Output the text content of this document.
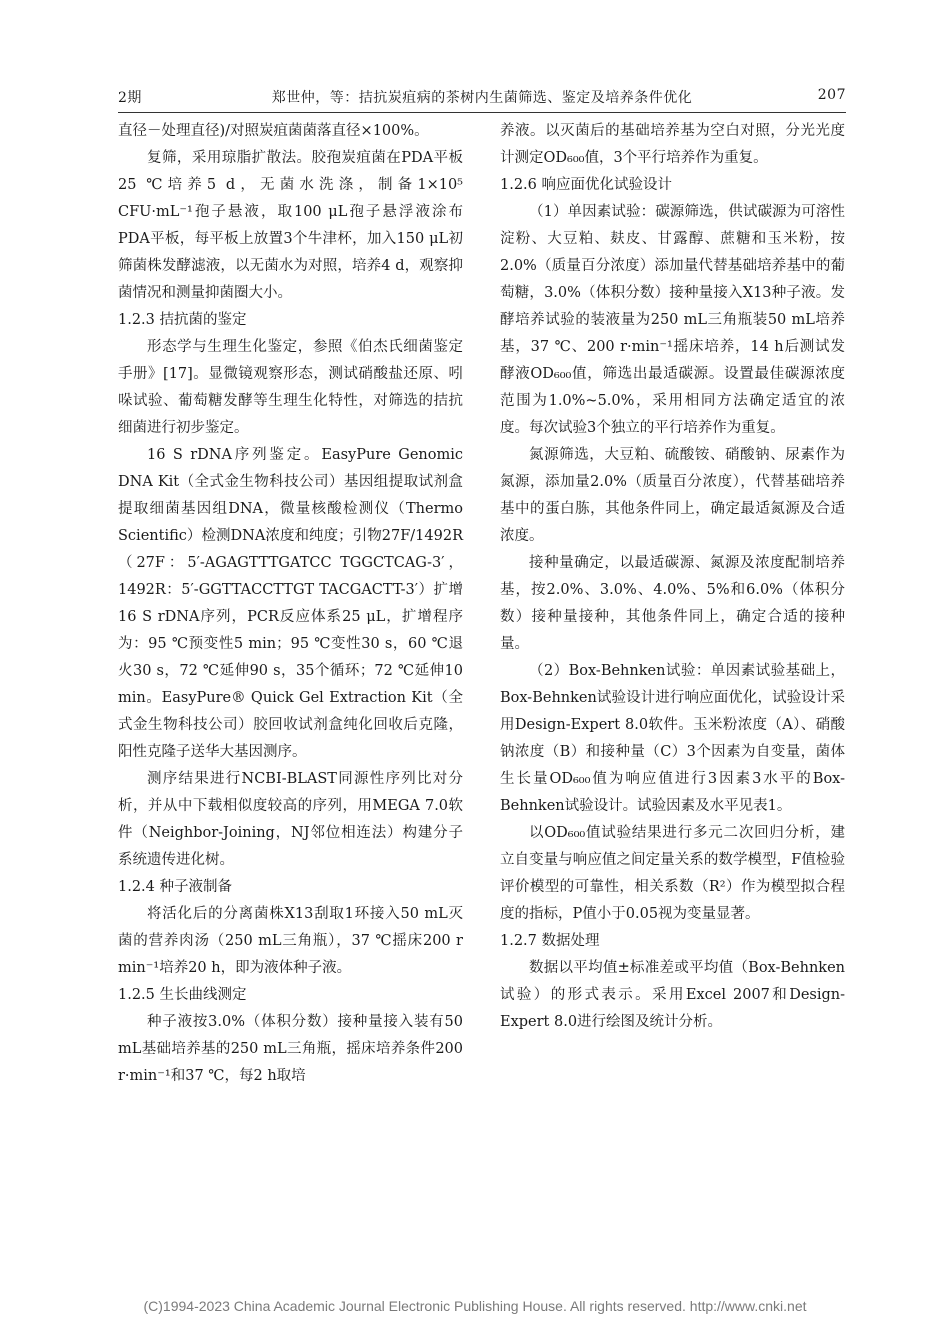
2期	郑世仲，等：拮抗炭疽病的茶树内生菌筛选、鉴定及培养条件优化	207

直径－处理直径)/对照炭疽菌菌落直径×100%。

复筛，采用琼脂扩散法。胶孢炭疽菌在PDA平板25 ℃培养5 d，无菌水洗涤，制备1×10⁵ CFU·mL⁻¹孢子悬液，取100 μL孢子悬浮液涂布PDA平板，每平板上放置3个牛津杯，加入150 μL初筛菌株发酵滤液，以无菌水为对照，培养4 d，观察抑菌情况和测量抑菌圈大小。

1.2.3 拮抗菌的鉴定

形态学与生理生化鉴定，参照《伯杰氏细菌鉴定手册》[17]。显微镜观察形态，测试硝酸盐还原、吲哚试验、葡萄糖发酵等生理生化特性，对筛选的拮抗细菌进行初步鉴定。

16 S rDNA序列鉴定。EasyPure Genomic DNA Kit（全式金生物科技公司）基因组提取试剂盒提取细菌基因组DNA，微量核酸检测仪（Thermo Scientific）检测DNA浓度和纯度；引物27F/1492R（27F：5′-AGAGTTTGATCC TGGCTCAG-3′，1492R：5′-GGTTACCTTGT TACGACTT-3′）扩增16 S rDNA序列，PCR反应体系25 μL，扩增程序为：95 ℃预变性5 min；95 ℃变性30 s，60 ℃退火30 s，72 ℃延伸90 s，35个循环；72 ℃延伸10 min。EasyPure® Quick Gel Extraction Kit（全式金生物科技公司）胶回收试剂盒纯化回收后克隆，阳性克隆子送华大基因测序。

测序结果进行NCBI-BLAST同源性序列比对分析，并从中下载相似度较高的序列，用MEGA 7.0软件（Neighbor-Joining，NJ邻位相连法）构建分子系统遗传进化树。

1.2.4 种子液制备

将活化后的分离菌株X13刮取1环接入50 mL灭菌的营养肉汤（250 mL三角瓶），37 ℃摇床200 r min⁻¹培养20 h，即为液体种子液。

1.2.5 生长曲线测定

种子液按3.0%（体积分数）接种量接入装有50 mL基础培养基的250 mL三角瓶，摇床培养条件200 r·min⁻¹和37 ℃，每2 h取培

养液。以灭菌后的基础培养基为空白对照，分光光度计测定OD₆₀₀值，3个平行培养作为重复。

1.2.6 响应面优化试验设计

（1）单因素试验：碳源筛选，供试碳源为可溶性淀粉、大豆粕、麸皮、甘露醇、蔗糖和玉米粉，按2.0%（质量百分浓度）添加量代替基础培养基中的葡萄糖，3.0%（体积分数）接种量接入X13种子液。发酵培养试验的装液量为250 mL三角瓶装50 mL培养基，37 ℃、200 r·min⁻¹摇床培养，14 h后测试发酵液OD₆₀₀值，筛选出最适碳源。设置最佳碳源浓度范围为1.0%~5.0%，采用相同方法确定适宜的浓度。每次试验3个独立的平行培养作为重复。

氮源筛选，大豆粕、硫酸铵、硝酸钠、尿素作为氮源，添加量2.0%（质量百分浓度），代替基础培养基中的蛋白胨，其他条件同上，确定最适氮源及合适浓度。

接种量确定，以最适碳源、氮源及浓度配制培养基，按2.0%、3.0%、4.0%、5%和6.0%（体积分数）接种量接种，其他条件同上，确定合适的接种量。

（2）Box-Behnken试验：单因素试验基础上，Box-Behnken试验设计进行响应面优化，试验设计采用Design-Expert 8.0软件。玉米粉浓度（A）、硝酸钠浓度（B）和接种量（C）3个因素为自变量，菌体生长量OD₆₀₀值为响应值进行3因素3水平的Box-Behnken试验设计。试验因素及水平见表1。

以OD₆₀₀值试验结果进行多元二次回归分析，建立自变量与响应值之间定量关系的数学模型，F值检验评价模型的可靠性，相关系数（R²）作为模型拟合程度的指标，P值小于0.05视为变量显著。

1.2.7 数据处理

数据以平均值±标准差或平均值（Box-Behnken试验）的形式表示。采用Excel 2007和Design-Expert 8.0进行绘图及统计分析。

(C)1994-2023 China Academic Journal Electronic Publishing House. All rights reserved. http://www.cnki.net
